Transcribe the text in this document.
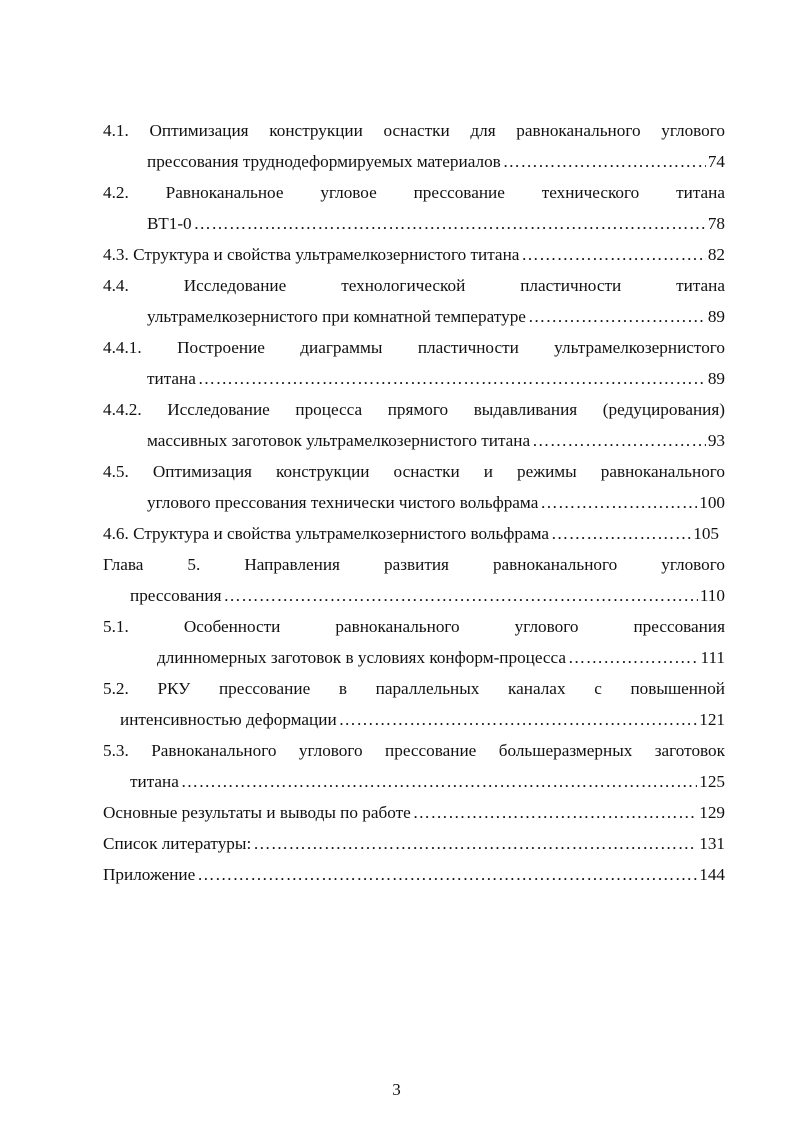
4.1. Оптимизация конструкции оснастки для равноканального углового
прессования труднодеформируемых материалов …………………………………………………………………………………………………………………………………………………………………………	74
4.2. Равноканальное угловое прессование технического титана
ВТ1-0 …………………………………………………………………………………………………………………………………………………………………………	78
4.3. Структура и свойства ультрамелкозернистого титана …………………………………………………………………………………………………………………………………………………………………………	82
4.4. Исследование технологической пластичности титана
ультрамелкозернистого при комнатной температуре …………………………………………………………………………………………………………………………………………………………………………	89
4.4.1. Построение диаграммы пластичности ультрамелкозернистого
титана …………………………………………………………………………………………………………………………………………………………………………	89
4.4.2. Исследование процесса прямого выдавливания (редуцирования)
массивных заготовок ультрамелкозернистого титана …………………………………………………………………………………………………………………………………………………………………………	93
4.5. Оптимизация конструкции оснастки и режимы равноканального
углового прессования технически чистого вольфрама …………………………………………………………………………………………………………………………………………………………………………	100
4.6. Структура и свойства ультрамелкозернистого вольфрама …………………………………………………………………………………………………………………………………………………………………………	105
Глава 5. Направления развития равноканального углового
прессования …………………………………………………………………………………………………………………………………………………………………………	110
5.1. Особенности равноканального углового прессования
длинномерных заготовок в условиях конформ-процесса …………………………………………………………………………………………………………………………………………………………………………	111
5.2. РКУ прессование в параллельных каналах с повышенной
интенсивностью деформации …………………………………………………………………………………………………………………………………………………………………………	121
5.3. Равноканального углового прессование большеразмерных заготовок
титана …………………………………………………………………………………………………………………………………………………………………………	125
Основные результаты и выводы по работе …………………………………………………………………………………………………………………………………………………………………………	129
Список литературы: …………………………………………………………………………………………………………………………………………………………………………	131
Приложение …………………………………………………………………………………………………………………………………………………………………………	144
3
